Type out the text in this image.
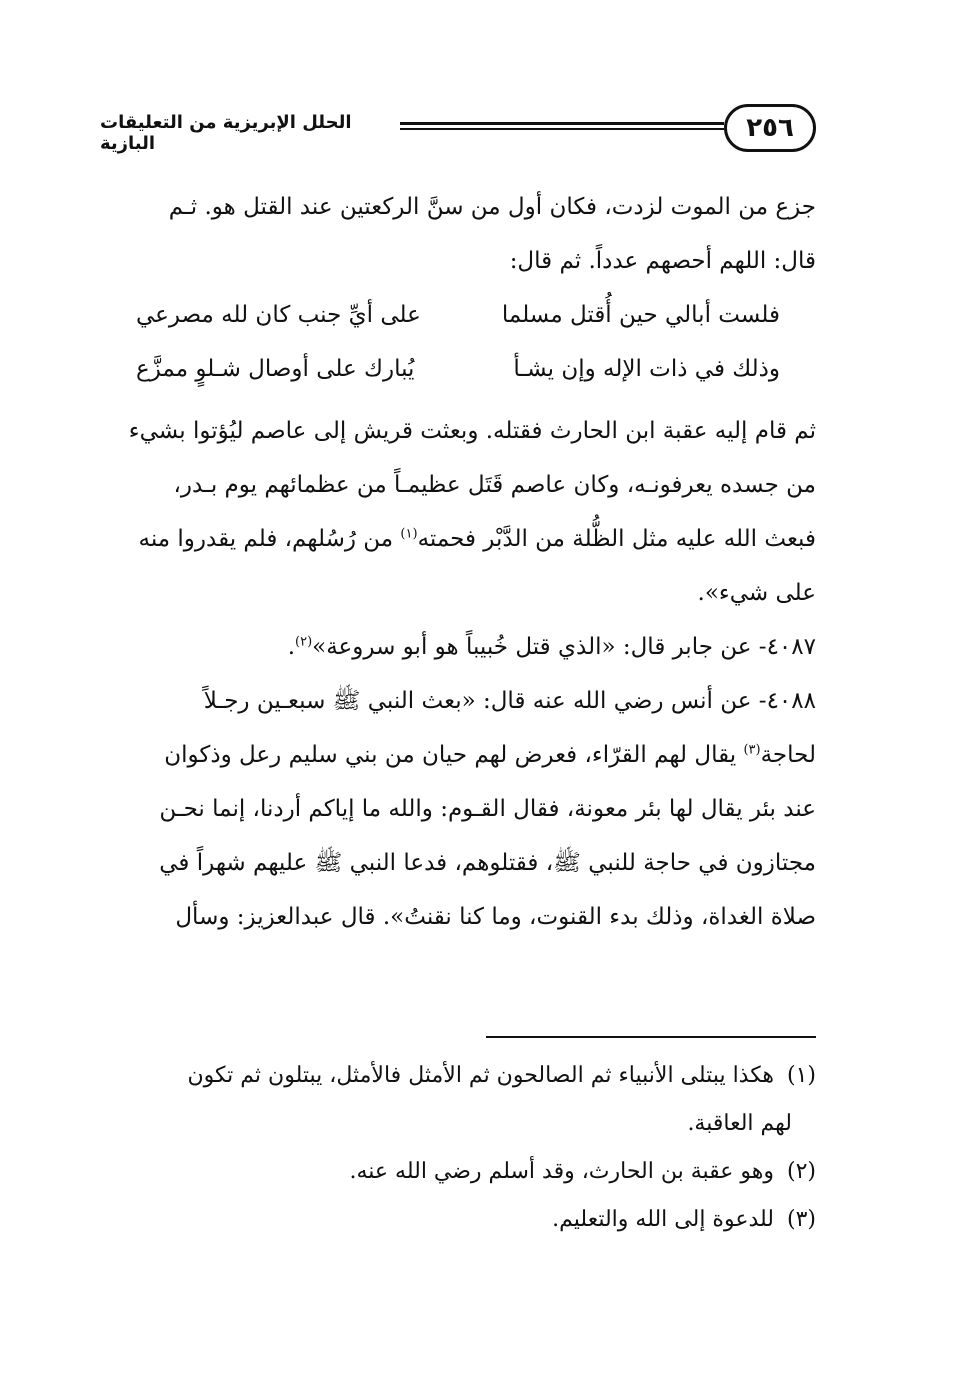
٢٥٦
الحلل الإبريزية من التعليقات البازية

جزع من الموت لزدت، فكان أول من سنَّ الركعتين عند القتل هو. ثـم

قال: اللهم أحصهم عدداً. ثم قال:

فلست أبالي حين أُقتل مسلما
على أيِّ جنب كان لله مصرعي
وذلك في ذات الإله وإن يشـأ
يُبارك على أوصال شـلوٍ ممزَّع

ثم قام إليه عقبة ابن الحارث فقتله. وبعثت قريش إلى عاصم ليُؤتوا بشيء

من جسده يعرفونـه، وكان عاصم قَتَل عظيمـاً من عظمائهم يوم بـدر،

فبعث الله عليه مثل الظُّلة من الدَّبْر فحمته$^{(١)}$ من رُسُلهم، فلم يقدروا منه

على شيء».

٤٠٨٧- عن جابر قال: «الذي قتل خُبيباً هو أبو سروعة»$^{(٢)}$.

٤٠٨٨- عن أنس رضي الله عنه قال: «بعث النبي ﷺ سبعـين رجـلاً

لحاجة$^{(٣)}$ يقال لهم القرّاء، فعرض لهم حيان من بني سليم رعل وذكوان

عند بئر يقال لها بئر معونة، فقال القـوم: والله ما إياكم أردنا، إنما نحـن

مجتازون في حاجة للنبي ﷺ، فقتلوهم، فدعا النبي ﷺ عليهم شهراً في

صلاة الغداة، وذلك بدء القنوت، وما كنا نقنتُ». قال عبدالعزيز: وسأل

(١) هكذا يبتلى الأنبياء ثم الصالحون ثم الأمثل فالأمثل، يبتلون ثم تكون

لهم العاقبة.

(٢) وهو عقبة بن الحارث، وقد أسلم رضي الله عنه.

(٣) للدعوة إلى الله والتعليم.
